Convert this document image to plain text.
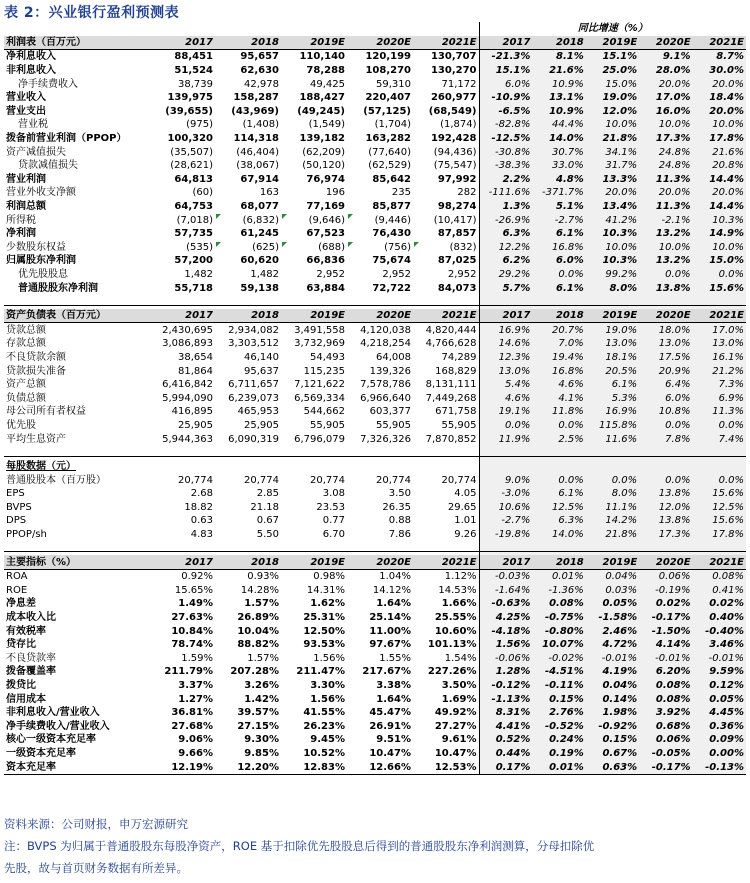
表 2：兴业银行盈利预测表
						同比增速（%）				
利润表（百万元）	2017	2018	2019E	2020E	2021E	2017	2018	2019E	2020E	2021E
净利息收入	88,451	95,657	110,140	120,199	130,707	-21.3%	8.1%	15.1%	9.1%	8.7%
非利息收入	51,524	62,630	78,288	108,270	130,270	15.1%	21.6%	25.0%	28.0%	30.0%
净手续费收入	38,739	42,978	49,425	59,310	71,172	6.0%	10.9%	15.0%	20.0%	20.0%
营业收入	139,975	158,287	188,427	220,407	260,977	-10.9%	13.1%	19.0%	17.0%	18.4%
营业支出	(39,655)	(43,969)	(49,245)	(57,125)	(68,549)	-6.5%	10.9%	12.0%	16.0%	20.0%
营业税	(975)	(1,408)	(1,549)	(1,704)	(1,874)	-82.8%	44.4%	10.0%	10.0%	10.0%
拨备前营业利润（PPOP）	100,320	114,318	139,182	163,282	192,428	-12.5%	14.0%	21.8%	17.3%	17.8%
资产减值损失	(35,507)	(46,404)	(62,209)	(77,640)	(94,436)	-30.8%	30.7%	34.1%	24.8%	21.6%
贷款减值损失	(28,621)	(38,067)	(50,120)	(62,529)	(75,547)	-38.3%	33.0%	31.7%	24.8%	20.8%
营业利润	64,813	67,914	76,974	85,642	97,992	2.2%	4.8%	13.3%	11.3%	14.4%
营业外收支净额	(60)	163	196	235	282	-111.6%	-371.7%	20.0%	20.0%	20.0%
利润总额	64,753	68,077	77,169	85,877	98,274	1.3%	5.1%	13.4%	11.3%	14.4%
所得税	(7,018)	(6,832)	(9,646)	(9,446)	(10,417)	-26.9%	-2.7%	41.2%	-2.1%	10.3%
净利润	57,735	61,245	67,523	76,430	87,857	6.3%	6.1%	10.3%	13.2%	14.9%
少数股东权益	(535)	(625)	(688)	(756)	(832)	12.2%	16.8%	10.0%	10.0%	10.0%
归属股东净利润	57,200	60,620	66,836	75,674	87,025	6.2%	6.0%	10.3%	13.2%	15.0%
优先股股息	1,482	1,482	2,952	2,952	2,952	29.2%	0.0%	99.2%	0.0%	0.0%
普通股股东净利润	55,718	59,138	63,884	72,722	84,073	5.7%	6.1%	8.0%	13.8%	15.6%

资产负债表（百万元）	2017	2018	2019E	2020E	2021E	2017	2018	2019E	2020E	2021E
贷款总额	2,430,695	2,934,082	3,491,558	4,120,038	4,820,444	16.9%	20.7%	19.0%	18.0%	17.0%
存款总额	3,086,893	3,303,512	3,732,969	4,218,254	4,766,628	14.6%	7.0%	13.0%	13.0%	13.0%
不良贷款余额	38,654	46,140	54,493	64,008	74,289	12.3%	19.4%	18.1%	17.5%	16.1%
贷款损失准备	81,864	95,637	115,235	139,326	168,829	13.0%	16.8%	20.5%	20.9%	21.2%
资产总额	6,416,842	6,711,657	7,121,622	7,578,786	8,131,111	5.4%	4.6%	6.1%	6.4%	7.3%
负债总额	5,994,090	6,239,073	6,569,334	6,966,640	7,449,268	4.6%	4.1%	5.3%	6.0%	6.9%
母公司所有者权益	416,895	465,953	544,662	603,377	671,758	19.1%	11.8%	16.9%	10.8%	11.3%
优先股	25,905	25,905	55,905	55,905	55,905	0.0%	0.0%	115.8%	0.0%	0.0%
平均生息资产	5,944,363	6,090,319	6,796,079	7,326,326	7,870,852	11.9%	2.5%	11.6%	7.8%	7.4%

每股数据（元）										
普通股股本（百万股）	20,774	20,774	20,774	20,774	20,774	9.0%	0.0%	0.0%	0.0%	0.0%
EPS	2.68	2.85	3.08	3.50	4.05	-3.0%	6.1%	8.0%	13.8%	15.6%
BVPS	18.82	21.18	23.53	26.35	29.65	10.6%	12.5%	11.1%	12.0%	12.5%
DPS	0.63	0.67	0.77	0.88	1.01	-2.7%	6.3%	14.2%	13.8%	15.6%
PPOP/sh	4.83	5.50	6.70	7.86	9.26	-19.8%	14.0%	21.8%	17.3%	17.8%

主要指标（%）	2017	2018	2019E	2020E	2021E	2017	2018	2019E	2020E	2021E
ROA	0.92%	0.93%	0.98%	1.04%	1.12%	-0.03%	0.01%	0.04%	0.06%	0.08%
ROE	15.65%	14.28%	14.31%	14.12%	14.53%	-1.64%	-1.36%	0.03%	-0.19%	0.41%
净息差	1.49%	1.57%	1.62%	1.64%	1.66%	-0.63%	0.08%	0.05%	0.02%	0.02%
成本收入比	27.63%	26.89%	25.31%	25.14%	25.55%	4.25%	-0.75%	-1.58%	-0.17%	0.40%
有效税率	10.84%	10.04%	12.50%	11.00%	10.60%	-4.18%	-0.80%	2.46%	-1.50%	-0.40%
贷存比	78.74%	88.82%	93.53%	97.67%	101.13%	1.56%	10.07%	4.72%	4.14%	3.46%
不良贷款率	1.59%	1.57%	1.56%	1.55%	1.54%	-0.06%	-0.02%	-0.01%	-0.01%	-0.01%
拨备覆盖率	211.79%	207.28%	211.47%	217.67%	227.26%	1.28%	-4.51%	4.19%	6.20%	9.59%
拨贷比	3.37%	3.26%	3.30%	3.38%	3.50%	-0.12%	-0.11%	0.04%	0.08%	0.12%
信用成本	1.27%	1.42%	1.56%	1.64%	1.69%	-1.13%	0.15%	0.14%	0.08%	0.05%
非利息收入/营业收入	36.81%	39.57%	41.55%	45.47%	49.92%	8.31%	2.76%	1.98%	3.92%	4.45%
净手续费收入/营业收入	27.68%	27.15%	26.23%	26.91%	27.27%	4.41%	-0.52%	-0.92%	0.68%	0.36%
核心一级资本充足率	9.06%	9.30%	9.45%	9.51%	9.61%	0.52%	0.24%	0.15%	0.06%	0.09%
一级资本充足率	9.66%	9.85%	10.52%	10.47%	10.47%	0.44%	0.19%	0.67%	-0.05%	0.00%
资本充足率	12.19%	12.20%	12.83%	12.66%	12.53%	0.17%	0.01%	0.63%	-0.17%	-0.13%

资料来源：公司财报，申万宏源研究
注：BVPS 为归属于普通股股东每股净资产，ROE 基于扣除优先股股息后得到的普通股股东净利润测算，分母扣除优
先股，故与首页财务数据有所差异。
